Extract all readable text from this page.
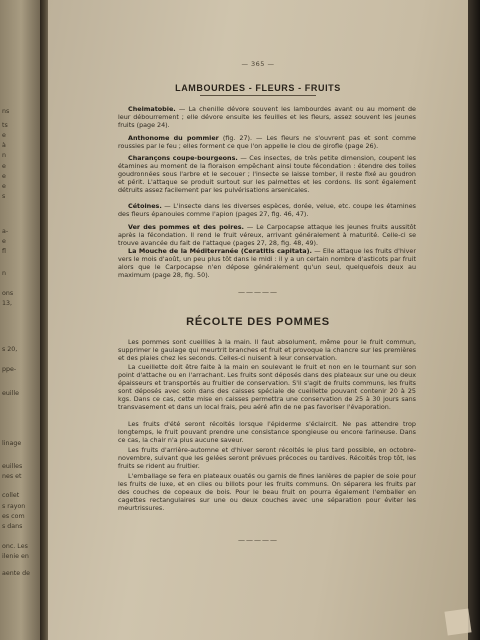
ns
ts
e
à
n
e
e
e
s
a-
e
fl
n
ons
13,
s 20,
ppe-
euille
linage
euilles
nes et
collet
s rayon
es com
s dans
onc. Les
ilenie en
aente de
— 365 —
LAMBOURDES - FLEURS - FRUITS
Cheimatobie. — La chenille dévore souvent les lambourdes avant ou au moment de leur débourrement ; elle dévore ensuite les feuilles et les fleurs, assez souvent les jeunes fruits (page 24).
Anthonome du pommier (fig. 27). — Les fleurs ne s'ouvrent pas et sont comme roussies par le feu ; elles forment ce que l'on appelle le clou de girofle (page 26).
Charançons coupe-bourgeons. — Ces insectes, de très petite dimension, coupent les étamines au moment de la floraison empêchant ainsi toute fécondation : étendre des toiles goudronnées sous l'arbre et le secouer ; l'insecte se laisse tomber, il reste fixé au goudron et périt. L'attaque se produit surtout sur les palmettes et les cordons. Ils sont également détruits assez facilement par les pulvérisations arsenicales.
Cétoines. — L'insecte dans les diverses espèces, dorée, velue, etc. coupe les étamines des fleurs épanouies comme l'apion (pages 27, fig. 46, 47).
Ver des pommes et des poires. — Le Carpocapse attaque les jeunes fruits aussitôt après la fécondation. Il rend le fruit véreux, arrivant généralement à maturité. Celle-ci se trouve avancée du fait de l'attaque (pages 27, 28, fig. 48, 49).
La Mouche de la Méditerranée (Ceratitis capitata). — Elle attaque les fruits d'hiver vers le mois d'août, un peu plus tôt dans le midi : il y a un certain nombre d'asticots par fruit alors que le Carpocapse n'en dépose généralement qu'un seul, quelquefois deux au maximum (page 28, fig. 50).
—————
RÉCOLTE DES POMMES
Les pommes sont cueillies à la main. Il faut absolument, même pour le fruit commun, supprimer le gaulage qui meurtrit branches et fruit et provoque la chancre sur les premières et des plaies chez les seconds. Celles-ci nuisent à leur conservation.
La cueillette doit être faite à la main en soulevant le fruit et non en le tournant sur son point d'attache ou en l'arrachant. Les fruits sont déposés dans des plateaux sur une ou deux épaisseurs et transportés au fruitier de conservation. S'il s'agit de fruits communs, les fruits sont déposés avec soin dans des caisses spéciale de cueillette pouvant contenir 20 à 25 kgs. Dans ce cas, cette mise en caisses permettra une conservation de 25 à 30 jours sans transvasement et dans un local frais, peu aéré afin de ne pas favoriser l'évaporation.
Les fruits d'été seront récoltés lorsque l'épiderme s'éclaircit. Ne pas attendre trop longtemps, le fruit pouvant prendre une consistance spongieuse ou encore farineuse. Dans ce cas, la chair n'a plus aucune saveur.
Les fruits d'arrière-automne et d'hiver seront récoltés le plus tard possible, en octobre-novembre, suivant que les gelées seront prévues précoces ou tardives. Récoltés trop tôt, les fruits se rident au fruitier.
L'emballage se fera en plateaux ouatés ou garnis de fines lanières de papier de soie pour les fruits de luxe, et en clies ou billots pour les fruits communs. On séparera les fruits par des couches de copeaux de bois. Pour le beau fruit on pourra également l'emballer en cagettes rectangulaires sur une ou deux couches avec une séparation pour éviter les meurtrissures.
—————
